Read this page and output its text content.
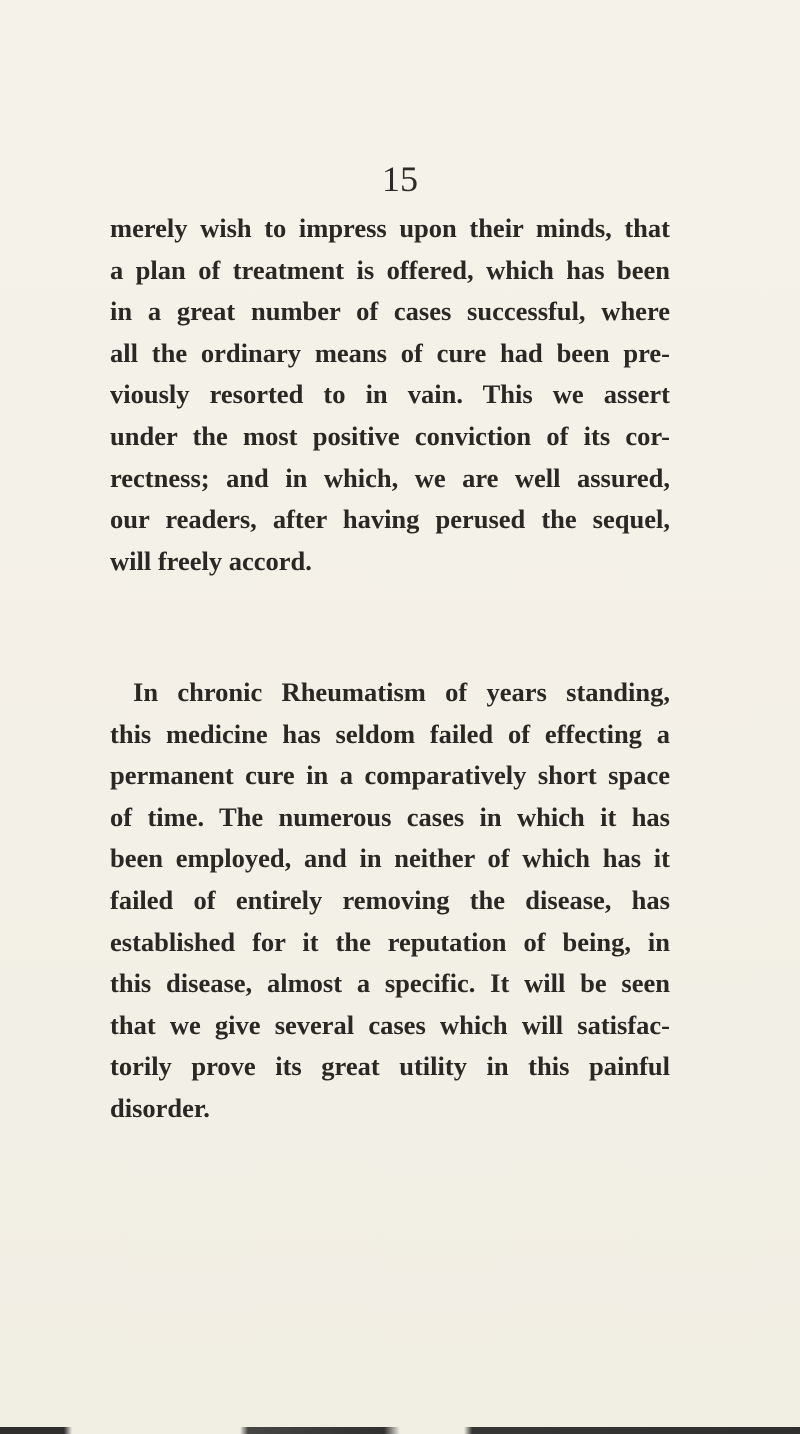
15
merely wish to impress upon their minds, that
a plan of treatment is offered, which has been
in a great number of cases successful, where
all the ordinary means of cure had been pre-
viously resorted to in vain. This we assert
under the most positive conviction of its cor-
rectness; and in which, we are well assured,
our readers, after having perused the sequel,
will freely accord.
In chronic Rheumatism of years standing,
this medicine has seldom failed of effecting a
permanent cure in a comparatively short space
of time. The numerous cases in which it has
been employed, and in neither of which has it
failed of entirely removing the disease, has
established for it the reputation of being, in
this disease, almost a specific. It will be seen
that we give several cases which will satisfac-
torily prove its great utility in this painful
disorder.
